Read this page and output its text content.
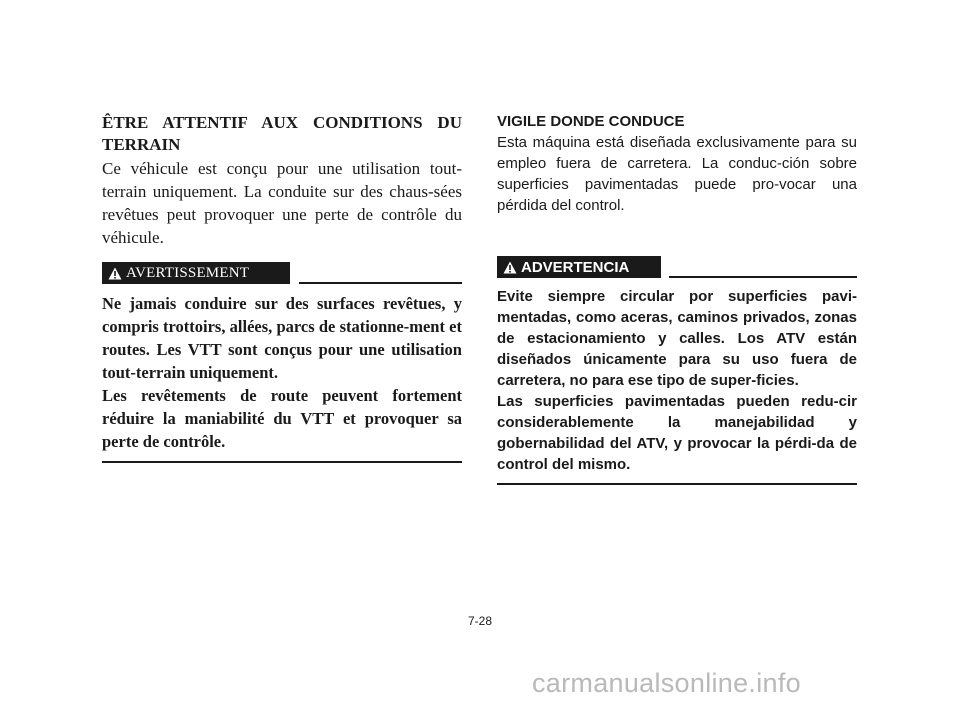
ÊTRE ATTENTIF AUX CONDITIONS DU TERRAIN

Ce véhicule est conçu pour une utilisation tout-terrain uniquement. La conduite sur des chaus-sées revêtues peut provoquer une perte de contrôle du véhicule.

AVERTISSEMENT

Ne jamais conduire sur des surfaces revêtues, y compris trottoirs, allées, parcs de stationne-ment et routes. Les VTT sont conçus pour une utilisation tout-terrain uniquement.

Les revêtements de route peuvent fortement réduire la maniabilité du VTT et provoquer sa perte de contrôle.

VIGILE DONDE CONDUCE

Esta máquina está diseñada exclusivamente para su empleo fuera de carretera. La conduc-ción sobre superficies pavimentadas puede pro-vocar una pérdida del control.

ADVERTENCIA

Evite siempre circular por superficies pavi-mentadas, como aceras, caminos privados, zonas de estacionamiento y calles. Los ATV están diseñados únicamente para su uso fuera de carretera, no para ese tipo de super-ficies.

Las superficies pavimentadas pueden redu-cir considerablemente la manejabilidad y gobernabilidad del ATV, y provocar la pérdi-da de control del mismo.

7-28
carmanualsonline.info
